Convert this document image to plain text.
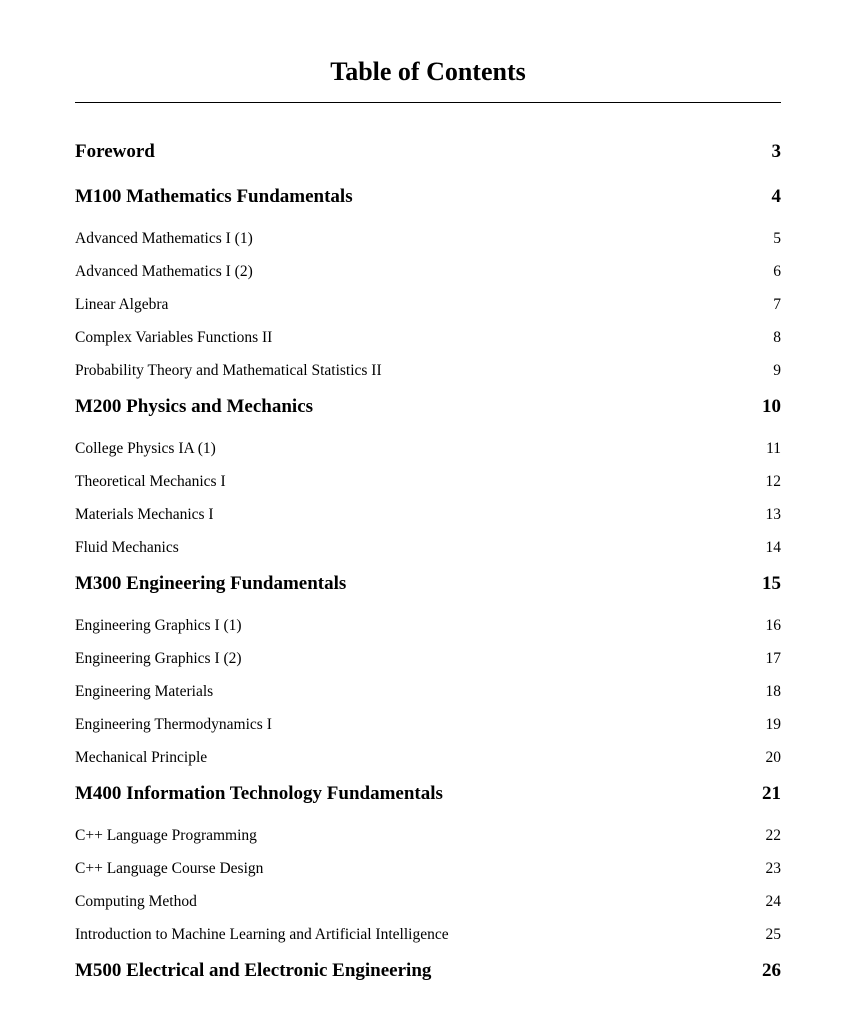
Table of Contents
Foreword	3
M100 Mathematics Fundamentals	4
Advanced Mathematics I (1)	5
Advanced Mathematics I (2)	6
Linear Algebra	7
Complex Variables Functions II	8
Probability Theory and Mathematical Statistics II	9
M200 Physics and Mechanics	10
College Physics IA (1)	11
Theoretical Mechanics I	12
Materials Mechanics I	13
Fluid Mechanics	14
M300 Engineering Fundamentals	15
Engineering Graphics I (1)	16
Engineering Graphics I (2)	17
Engineering Materials	18
Engineering Thermodynamics I	19
Mechanical Principle	20
M400 Information Technology Fundamentals	21
C++ Language Programming	22
C++ Language Course Design	23
Computing Method	24
Introduction to Machine Learning and Artificial Intelligence	25
M500 Electrical and Electronic Engineering	26
